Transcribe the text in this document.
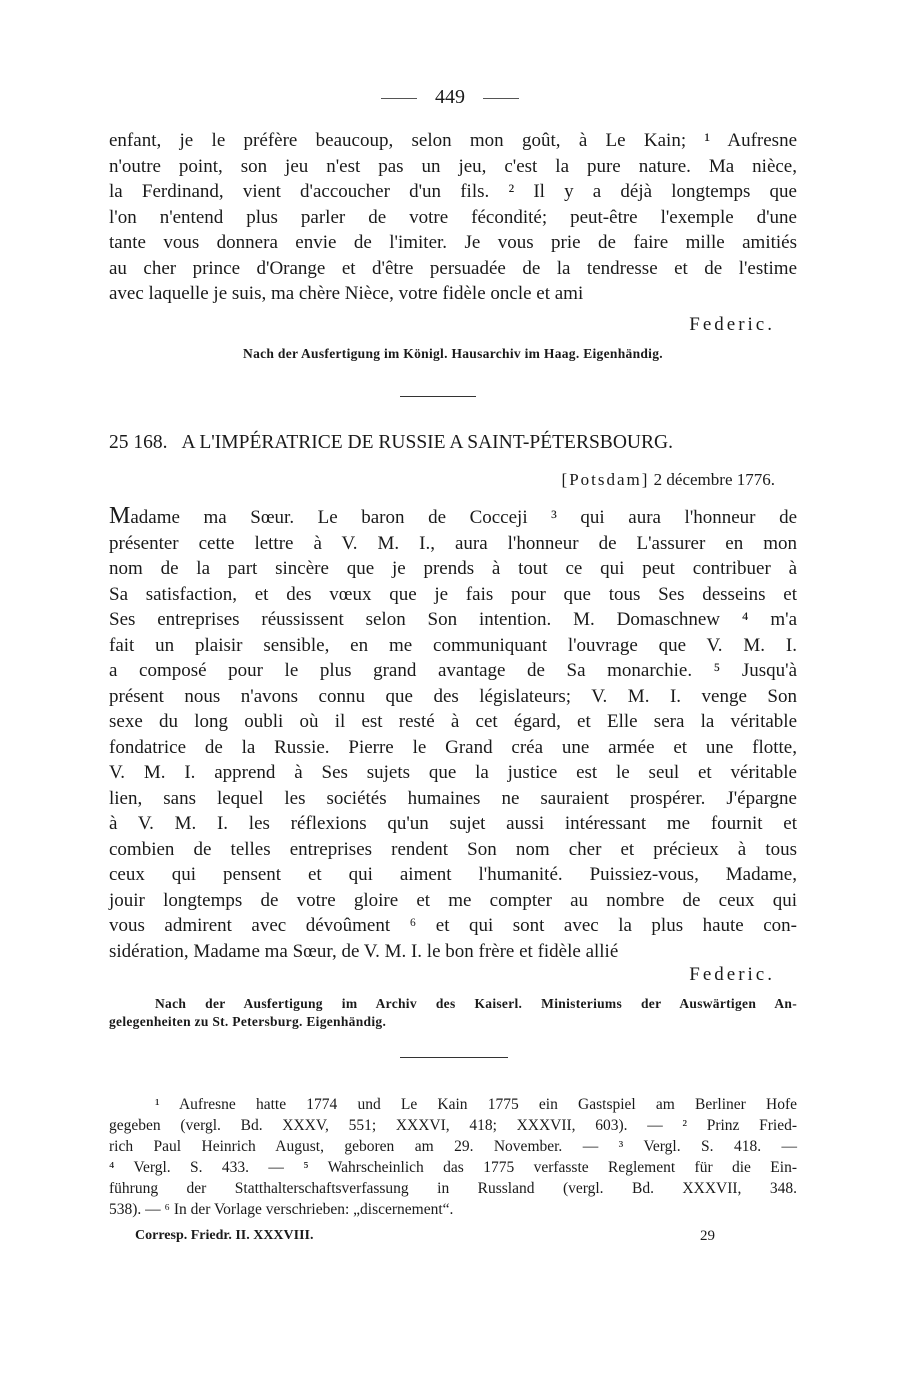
449
enfant, je le préfère beaucoup, selon mon goût, à Le Kain; ¹ Aufresne
n'outre point, son jeu n'est pas un jeu, c'est la pure nature. Ma nièce,
la Ferdinand, vient d'accoucher d'un fils. ² Il y a déjà longtemps que
l'on n'entend plus parler de votre fécondité; peut-être l'exemple d'une
tante vous donnera envie de l'imiter. Je vous prie de faire mille amitiés
au cher prince d'Orange et d'être persuadée de la tendresse et de l'estime
avec laquelle je suis, ma chère Nièce, votre fidèle oncle et ami
Federic.
Nach der Ausfertigung im Königl. Hausarchiv im Haag. Eigenhändig.
25 168. A L'IMPÉRATRICE DE RUSSIE A SAINT-PÉTERSBOURG.
[Potsdam] 2 décembre 1776.
Madame ma Sœur. Le baron de Cocceji ³ qui aura l'honneur de
présenter cette lettre à V. M. I., aura l'honneur de L'assurer en mon
nom de la part sincère que je prends à tout ce qui peut contribuer à
Sa satisfaction, et des vœux que je fais pour que tous Ses desseins et
Ses entreprises réussissent selon Son intention. M. Domaschnew ⁴ m'a
fait un plaisir sensible, en me communiquant l'ouvrage que V. M. I.
a composé pour le plus grand avantage de Sa monarchie. ⁵ Jusqu'à
présent nous n'avons connu que des législateurs; V. M. I. venge Son
sexe du long oubli où il est resté à cet égard, et Elle sera la véritable
fondatrice de la Russie. Pierre le Grand créa une armée et une flotte,
V. M. I. apprend à Ses sujets que la justice est le seul et véritable
lien, sans lequel les sociétés humaines ne sauraient prospérer. J'épargne
à V. M. I. les réflexions qu'un sujet aussi intéressant me fournit et
combien de telles entreprises rendent Son nom cher et précieux à tous
ceux qui pensent et qui aiment l'humanité. Puissiez-vous, Madame,
jouir longtemps de votre gloire et me compter au nombre de ceux qui
vous admirent avec dévoûment ⁶ et qui sont avec la plus haute con-
sidération, Madame ma Sœur, de V. M. I. le bon frère et fidèle allié
Federic.
Nach der Ausfertigung im Archiv des Kaiserl. Ministeriums der Auswärtigen An-
gelegenheiten zu St. Petersburg. Eigenhändig.
¹ Aufresne hatte 1774 und Le Kain 1775 ein Gastspiel am Berliner Hofe
gegeben (vergl. Bd. XXXV, 551; XXXVI, 418; XXXVII, 603). — ² Prinz Fried-
rich Paul Heinrich August, geboren am 29. November. — ³ Vergl. S. 418. —
⁴ Vergl. S. 433. — ⁵ Wahrscheinlich das 1775 verfasste Reglement für die Ein-
führung der Statthalterschaftsverfassung in Russland (vergl. Bd. XXXVII, 348.
538). — ⁶ In der Vorlage verschrieben: „discernement“.
Corresp. Friedr. II. XXXVIII.	29
